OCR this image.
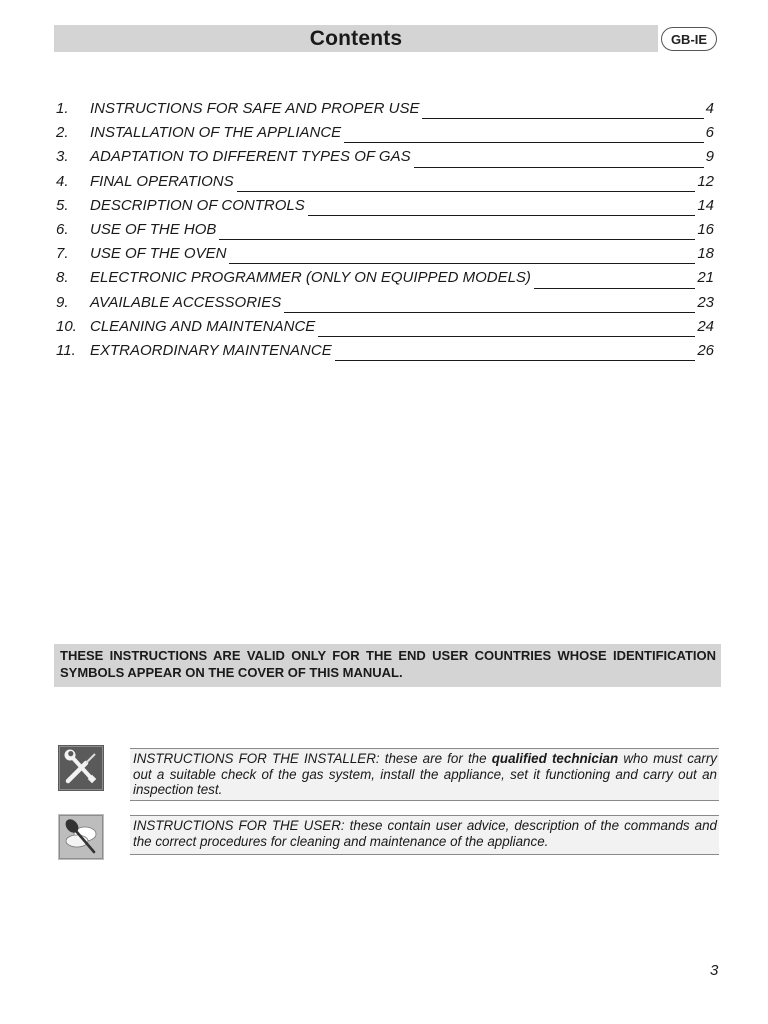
Contents	GB-IE
1.	INSTRUCTIONS FOR SAFE AND PROPER USE	4
2.	INSTALLATION OF THE APPLIANCE	6
3.	ADAPTATION TO DIFFERENT TYPES OF GAS	9
4.	FINAL OPERATIONS	12
5.	DESCRIPTION OF CONTROLS	14
6.	USE OF THE HOB	16
7.	USE OF THE OVEN	18
8.	ELECTRONIC PROGRAMMER (ONLY ON EQUIPPED MODELS)	21
9.	AVAILABLE ACCESSORIES	23
10. CLEANING AND MAINTENANCE	24
11. EXTRAORDINARY MAINTENANCE	26
THESE INSTRUCTIONS ARE VALID ONLY FOR THE END USER COUNTRIES WHOSE IDENTIFICATION SYMBOLS APPEAR ON THE COVER OF THIS MANUAL.
INSTRUCTIONS FOR THE INSTALLER: these are for the qualified technician who must carry out a suitable check of the gas system, install the appliance, set it functioning and carry out an inspection test.
INSTRUCTIONS FOR THE USER: these contain user advice, description of the commands and the correct procedures for cleaning and maintenance of the appliance.
3
